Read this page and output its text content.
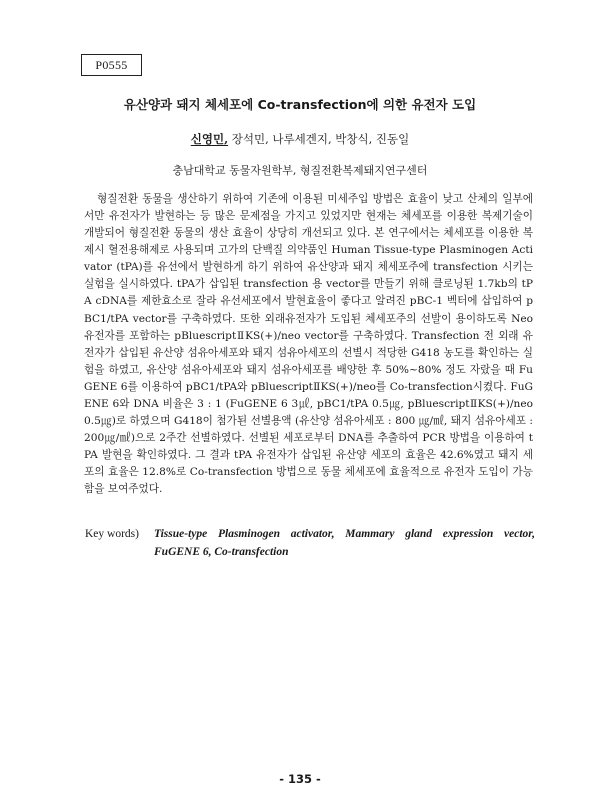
P0555
유산양과 돼지 체세포에 Co-transfection에 의한 유전자 도입
신영민, 장석민, 나루세겐지, 박창식, 진동일
충남대학교 동물자원학부, 형질전환복제돼지연구센터

형질전환 동물을 생산하기 위하여 기존에 이용된 미세주입 방법은 효율이 낮고 산체의 일부에서만 유전자가 발현하는 등 많은 문제점을 가지고 있었지만 현재는 체세포를 이용한 복제기술이 개발되어 형질전환 동물의 생산 효율이 상당히 개선되고 있다. 본 연구에서는 체세포를 이용한 복제시 혈전용해제로 사용되며 고가의 단백질 의약품인 Human Tissue-type Plasminogen Activator (tPA)를 유선에서 발현하게 하기 위하여 유산양과 돼지 체세포주에 transfection 시키는 실험을 실시하였다. tPA가 삽입된 transfection 용 vector를 만들기 위해 클로닝된 1.7kb의 tPA cDNA를 제한효소로 잘라 유선세포에서 발현효율이 좋다고 알려진 pBC-1 벡터에 삽입하여 pBC1/tPA vector를 구축하였다. 또한 외래유전자가 도입된 체세포주의 선발이 용이하도록 Neo 유전자를 포함하는 pBluescriptⅡKS(+)/neo vector를 구축하였다. Transfection 전 외래 유전자가 삽입된 유산양 섬유아세포와 돼지 섬유아세포의 선별시 적당한 G418 농도를 확인하는 실험을 하였고, 유산양 섬유아세포와 돼지 섬유아세포를 배양한 후 50%~80% 정도 자랐을 때 FuGENE 6를 이용하여 pBC1/tPA와 pBluescriptⅡKS(+)/neo를 Co-transfection시켰다. FuGENE 6와 DNA 비율은 3 : 1 (FuGENE 6 3㎕, pBC1/tPA 0.5㎍, pBluescriptⅡKS(+)/neo 0.5㎍)로 하였으며 G418이 첨가된 선별용액 (유산양 섬유아세포 : 800 ㎍/㎖, 돼지 섬유아세포 : 200㎍/㎖)으로 2주간 선별하였다. 선별된 세포로부터 DNA를 추출하여 PCR 방법을 이용하여 tPA 발현을 확인하였다. 그 결과 tPA 유전자가 삽입된 유산양 세포의 효율은 42.6%였고 돼지 세포의 효율은 12.8%로 Co-transfection 방법으로 동물 체세포에 효율적으로 유전자 도입이 가능함을 보여주었다.

Key words)	Tissue-type Plasminogen activator, Mammary gland expression vector, FuGENE 6, Co-transfection
- 135 -
